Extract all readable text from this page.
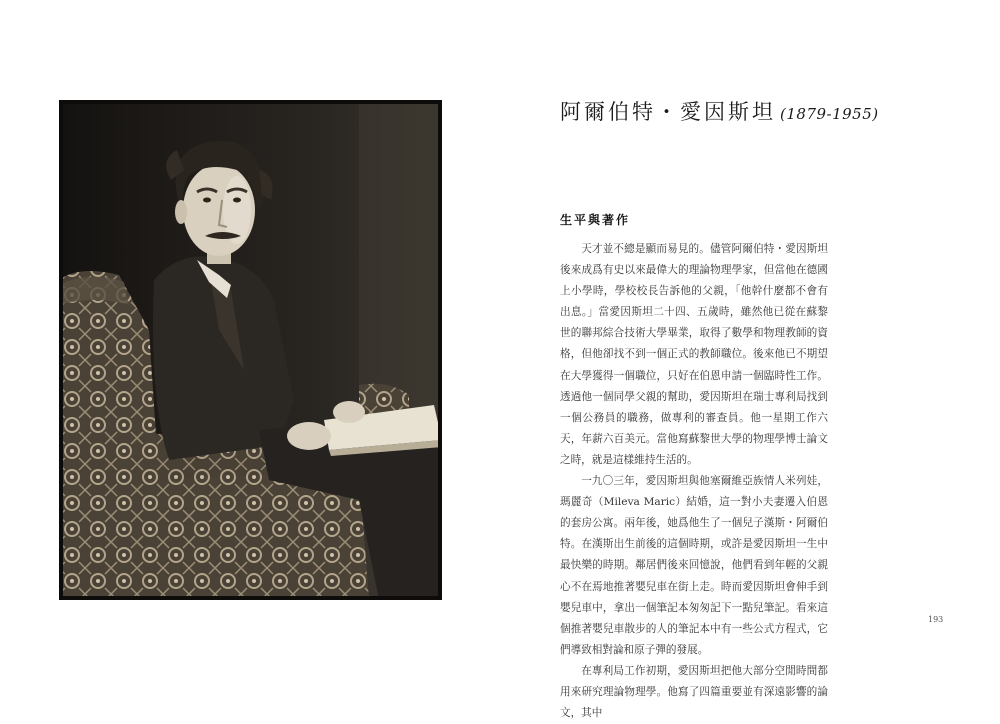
阿爾伯特・愛因斯坦 (1879-1955)
生平與著作

天才並不總是顯而易見的。儘管阿爾伯特・愛因斯坦後來成爲有史以來最偉大的理論物理學家，但當他在德國上小學時，學校校長告訴他的父親，「他幹什麼都不會有出息。」當愛因斯坦二十四、五歲時，雖然他已從在蘇黎世的聯邦綜合技術大學畢業，取得了數學和物理教師的資格，但他卻找不到一個正式的教師職位。後來他已不期望在大學獲得一個職位，只好在伯恩申請一個臨時性工作。透過他一個同學父親的幫助，愛因斯坦在瑞士專利局找到一個公務員的職務，做專利的審查員。他一星期工作六天，年薪六百美元。當他寫蘇黎世大學的物理學博士論文之時，就是這樣維持生活的。

一九〇三年，愛因斯坦與他塞爾維亞族情人米列娃，瑪麗奇（Mileva Maric）結婚，這一對小夫妻遷入伯恩的套房公寓。兩年後，她爲他生了一個兒子漢斯・阿爾伯特。在漢斯出生前後的這個時期，或許是愛因斯坦一生中最快樂的時期。鄰居們後來回憶說，他們看到年輕的父親心不在焉地推著嬰兒車在街上走。時而愛因斯坦會伸手到嬰兒車中，拿出一個筆記本匆匆記下一點兒筆記。看來這個推著嬰兒車散步的人的筆記本中有一些公式方程式，它們導致相對論和原子彈的發展。

在專利局工作初期，愛因斯坦把他大部分空閒時間都用來研究理論物理學。他寫了四篇重要並有深遠影響的論文，其中

193
